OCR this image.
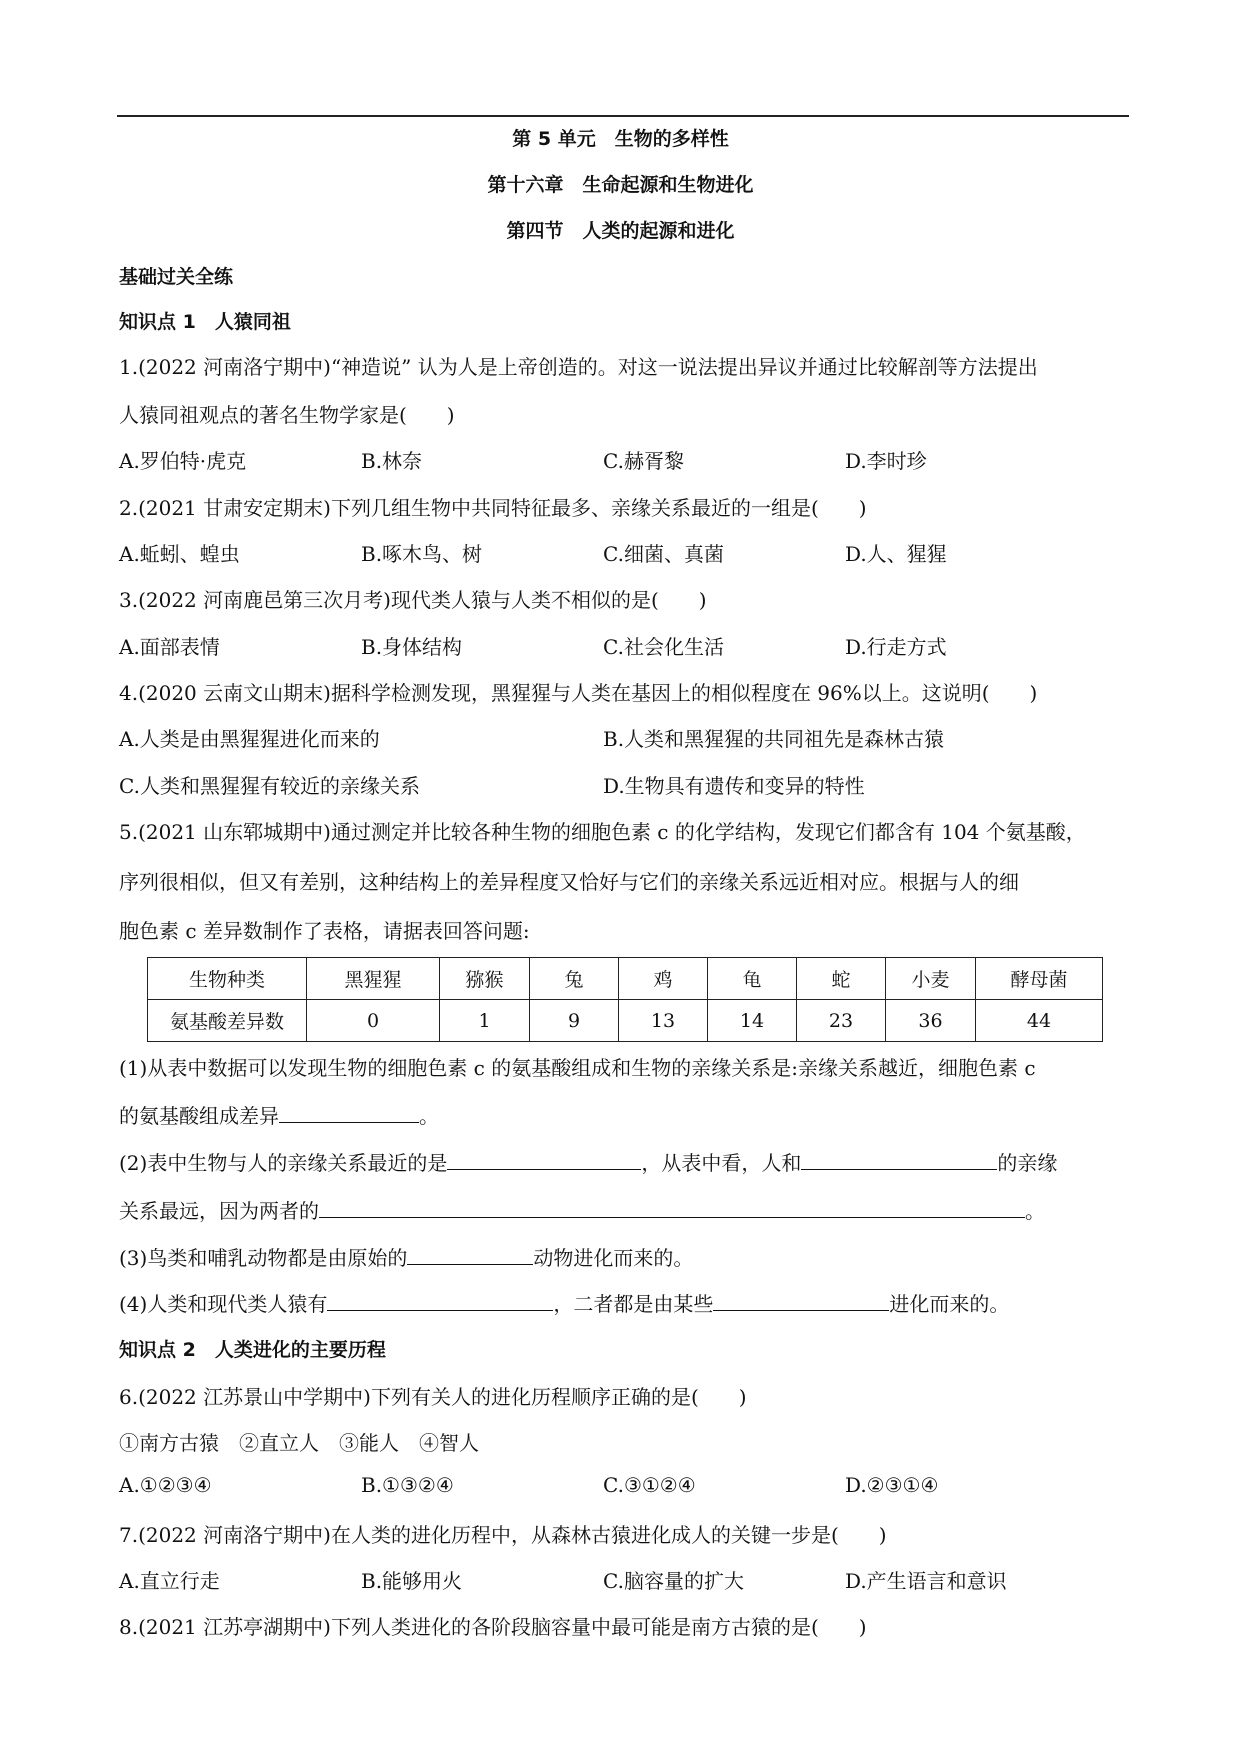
第 5 单元　生物的多样性
第十六章　生命起源和生物进化
第四节　人类的起源和进化
基础过关全练
知识点 1　人猿同祖
1.(2022 河南洛宁期中)“神造说” 认为人是上帝创造的。对这一说法提出异议并通过比较解剖等方法提出
人猿同祖观点的著名生物学家是(　　)
A.罗伯特·虎克	B.林奈	C.赫胥黎	D.李时珍
2.(2021 甘肃安定期末)下列几组生物中共同特征最多、亲缘关系最近的一组是(　　)
A.蚯蚓、蝗虫	B.啄木鸟、树	C.细菌、真菌	D.人、猩猩
3.(2022 河南鹿邑第三次月考)现代类人猿与人类不相似的是(　　)
A.面部表情	B.身体结构	C.社会化生活	D.行走方式
4.(2020 云南文山期末)据科学检测发现，黑猩猩与人类在基因上的相似程度在 96%以上。这说明(　　)
A.人类是由黑猩猩进化而来的	B.人类和黑猩猩的共同祖先是森林古猿
C.人类和黑猩猩有较近的亲缘关系	D.生物具有遗传和变异的特性
5.(2021 山东郓城期中)通过测定并比较各种生物的细胞色素 c 的化学结构，发现它们都含有 104 个氨基酸，
序列很相似，但又有差别，这种结构上的差异程度又恰好与它们的亲缘关系远近相对应。根据与人的细
胞色素 c 差异数制作了表格，请据表回答问题:
生物种类	黑猩猩	猕猴	兔	鸡	龟	蛇	小麦	酵母菌
氨基酸差异数	0	1	9	13	14	23	36	44
(1)从表中数据可以发现生物的细胞色素 c 的氨基酸组成和生物的亲缘关系是:亲缘关系越近，细胞色素 c
的氨基酸组成差异	。
(2)表中生物与人的亲缘关系最近的是	，从表中看，人和	的亲缘
关系最远，因为两者的	。
(3)鸟类和哺乳动物都是由原始的	动物进化而来的。
(4)人类和现代类人猿有	，二者都是由某些	进化而来的。
知识点 2　人类进化的主要历程
6.(2022 江苏景山中学期中)下列有关人的进化历程顺序正确的是(　　)
①南方古猿　②直立人　③能人　④智人
A.①②③④	B.①③②④	C.③①②④	D.②③①④
7.(2022 河南洛宁期中)在人类的进化历程中，从森林古猿进化成人的关键一步是(　　)
A.直立行走	B.能够用火	C.脑容量的扩大	D.产生语言和意识
8.(2021 江苏亭湖期中)下列人类进化的各阶段脑容量中最可能是南方古猿的是(　　)
